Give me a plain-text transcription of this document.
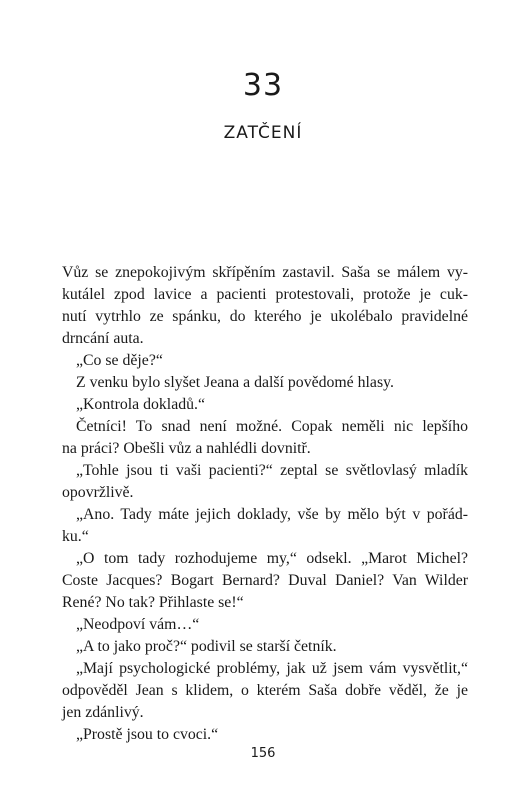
33
ZATČENÍ
Vůz se znepokojivým skřípěním zastavil. Saša se málem vy-
kutálel zpod lavice a pacienti protestovali, protože je cuk-
nutí vytrhlo ze spánku, do kterého je ukolébalo pravidelné
drncání auta.
„Co se děje?“
Z venku bylo slyšet Jeana a další povědomé hlasy.
„Kontrola dokladů.“
Četníci! To snad není možné. Copak neměli nic lepšího
na práci? Obešli vůz a nahlédli dovnitř.
„Tohle jsou ti vaši pacienti?“ zeptal se světlovlasý mladík
opovržlivě.
„Ano. Tady máte jejich doklady, vše by mělo být v pořád-
ku.“
„O tom tady rozhodujeme my,“ odsekl. „Marot Michel?
Coste Jacques? Bogart Bernard? Duval Daniel? Van Wilder
René? No tak? Přihlaste se!“
„Neodpoví vám…“
„A to jako proč?“ podivil se starší četník.
„Mají psychologické problémy, jak už jsem vám vysvětlit,“
odpověděl Jean s klidem, o kterém Saša dobře věděl, že je
jen zdánlivý.
„Prostě jsou to cvoci.“
156
